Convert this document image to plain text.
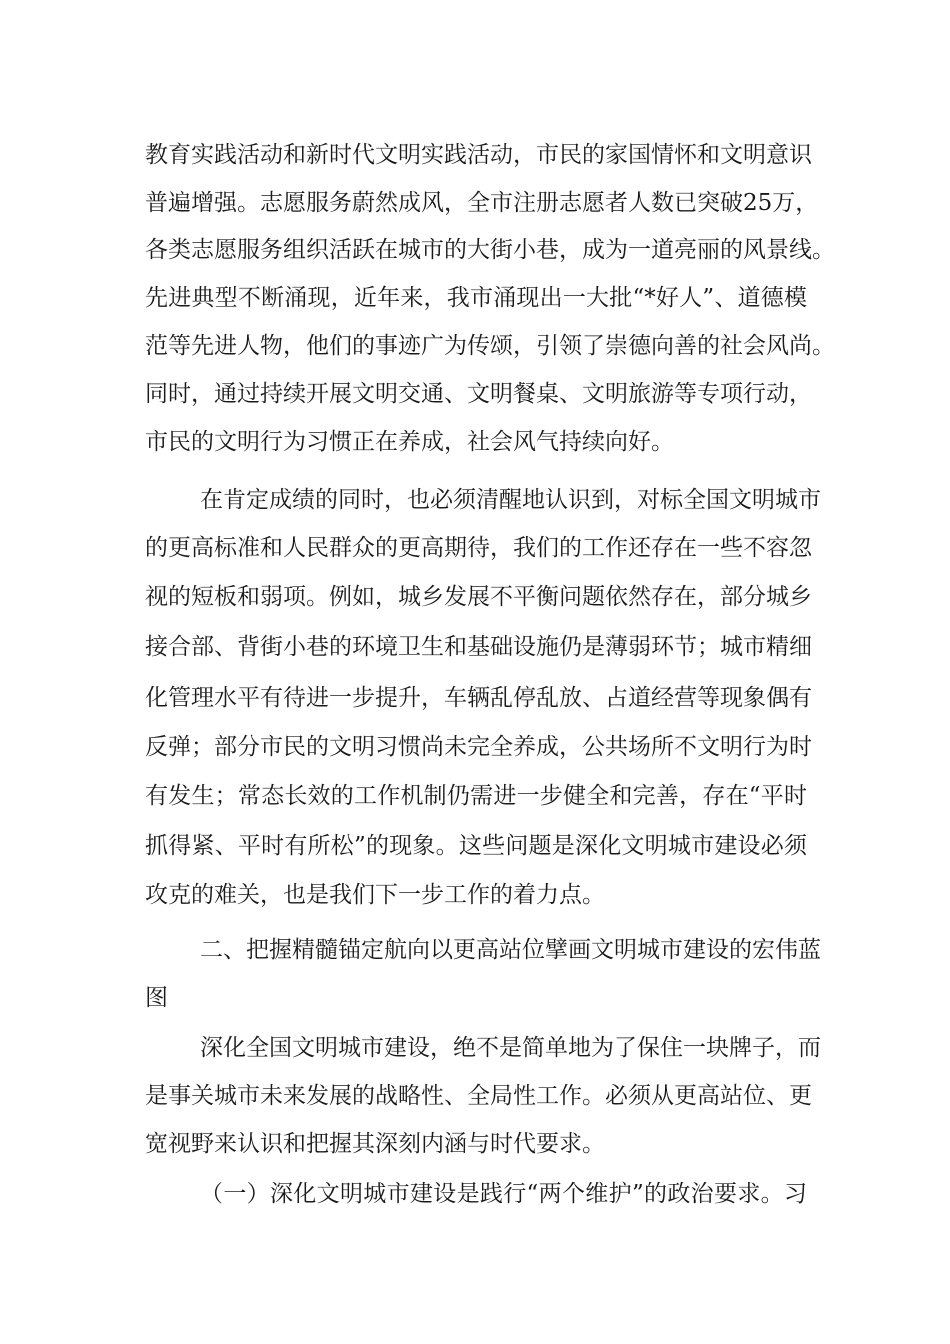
教育实践活动和新时代文明实践活动，市民的家国情怀和文明意识
普遍增强。志愿服务蔚然成风，全市注册志愿者人数已突破25万，
各类志愿服务组织活跃在城市的大街小巷，成为一道亮丽的风景线。
先进典型不断涌现，近年来，我市涌现出一大批“*好人”、道德模
范等先进人物，他们的事迹广为传颂，引领了崇德向善的社会风尚。
同时，通过持续开展文明交通、文明餐桌、文明旅游等专项行动，
市民的文明行为习惯正在养成，社会风气持续向好。
在肯定成绩的同时，也必须清醒地认识到，对标全国文明城市
的更高标准和人民群众的更高期待，我们的工作还存在一些不容忽
视的短板和弱项。例如，城乡发展不平衡问题依然存在，部分城乡
接合部、背街小巷的环境卫生和基础设施仍是薄弱环节；城市精细
化管理水平有待进一步提升，车辆乱停乱放、占道经营等现象偶有
反弹；部分市民的文明习惯尚未完全养成，公共场所不文明行为时
有发生；常态长效的工作机制仍需进一步健全和完善，存在“平时
抓得紧、平时有所松”的现象。这些问题是深化文明城市建设必须
攻克的难关，也是我们下一步工作的着力点。
二、把握精髓锚定航向以更高站位擘画文明城市建设的宏伟蓝
图
深化全国文明城市建设，绝不是简单地为了保住一块牌子，而
是事关城市未来发展的战略性、全局性工作。必须从更高站位、更
宽视野来认识和把握其深刻内涵与时代要求。
（一）深化文明城市建设是践行“两个维护”的政治要求。习
